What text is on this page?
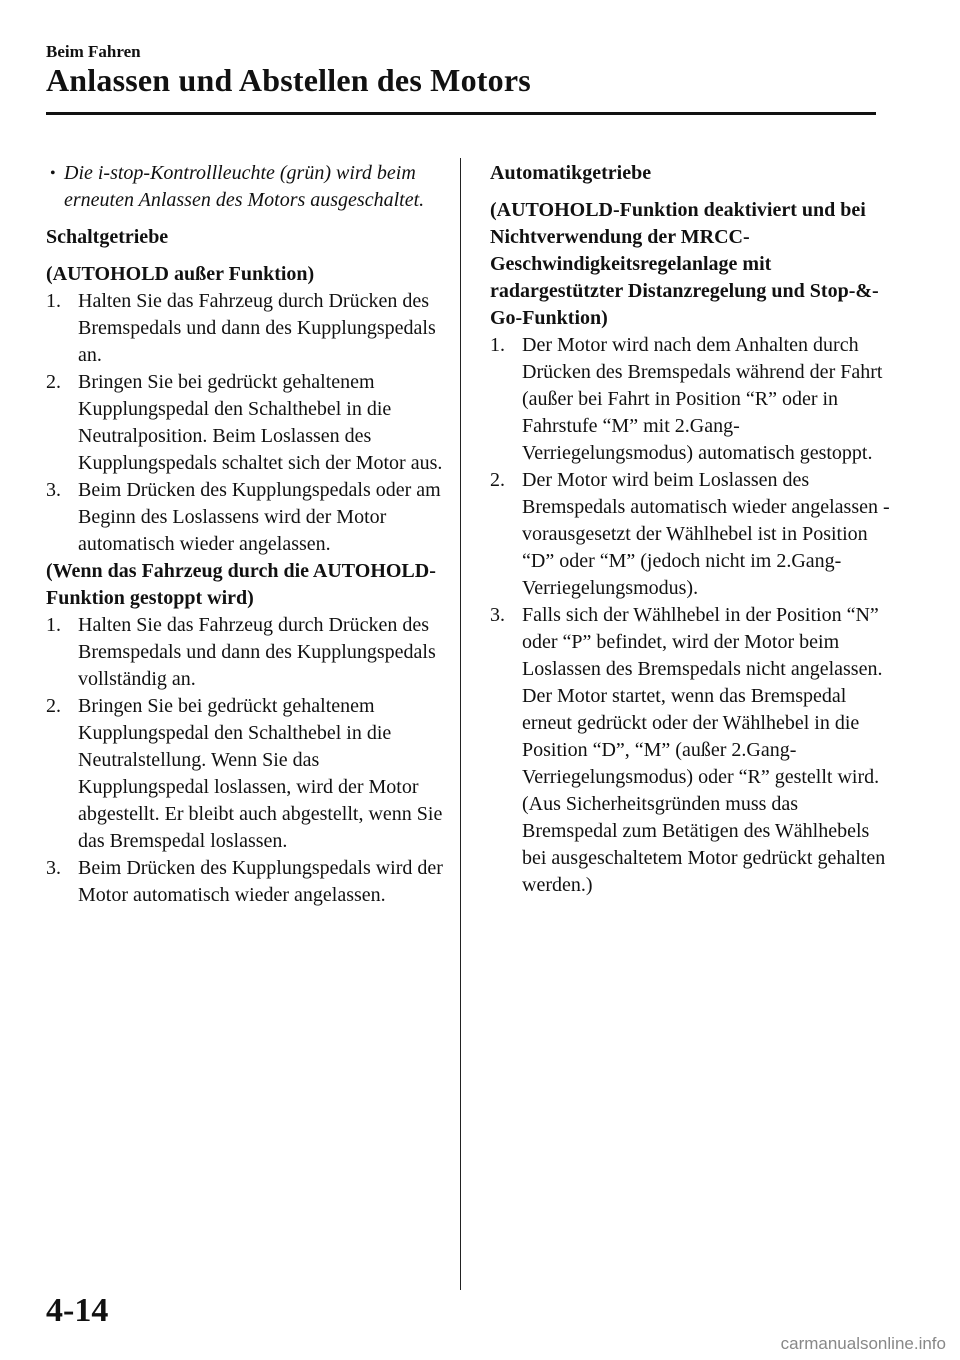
Beim Fahren
Anlassen und Abstellen des Motors
• Die i-stop-Kontrollleuchte (grün) wird beim erneuten Anlassen des Motors ausgeschaltet.
Schaltgetriebe
(AUTOHOLD außer Funktion)
1. Halten Sie das Fahrzeug durch Drücken des Bremspedals und dann des Kupplungspedals an.
2. Bringen Sie bei gedrückt gehaltenem Kupplungspedal den Schalthebel in die Neutralposition. Beim Loslassen des Kupplungspedals schaltet sich der Motor aus.
3. Beim Drücken des Kupplungspedals oder am Beginn des Loslassens wird der Motor automatisch wieder angelassen.
(Wenn das Fahrzeug durch die AUTOHOLD-Funktion gestoppt wird)
1. Halten Sie das Fahrzeug durch Drücken des Bremspedals und dann des Kupplungspedals vollständig an.
2. Bringen Sie bei gedrückt gehaltenem Kupplungspedal den Schalthebel in die Neutralstellung. Wenn Sie das Kupplungspedal loslassen, wird der Motor abgestellt. Er bleibt auch abgestellt, wenn Sie das Bremspedal loslassen.
3. Beim Drücken des Kupplungspedals wird der Motor automatisch wieder angelassen.
Automatikgetriebe
(AUTOHOLD-Funktion deaktiviert und bei Nichtverwendung der MRCC-Geschwindigkeitsregelanlage mit radargestützter Distanzregelung und Stop-&-Go-Funktion)
1. Der Motor wird nach dem Anhalten durch Drücken des Bremspedals während der Fahrt (außer bei Fahrt in Position “R” oder in Fahrstufe “M” mit 2.Gang-Verriegelungsmodus) automatisch gestoppt.
2. Der Motor wird beim Loslassen des Bremspedals automatisch wieder angelassen - vorausgesetzt der Wählhebel ist in Position “D” oder “M” (jedoch nicht im 2.Gang-Verriegelungsmodus).
3. Falls sich der Wählhebel in der Position “N” oder “P” befindet, wird der Motor beim Loslassen des Bremspedals nicht angelassen. Der Motor startet, wenn das Bremspedal erneut gedrückt oder der Wählhebel in die Position “D”, “M” (außer 2.Gang-Verriegelungsmodus) oder “R” gestellt wird. (Aus Sicherheitsgründen muss das Bremspedal zum Betätigen des Wählhebels bei ausgeschaltetem Motor gedrückt gehalten werden.)
4-14
carmanualsonline.info
